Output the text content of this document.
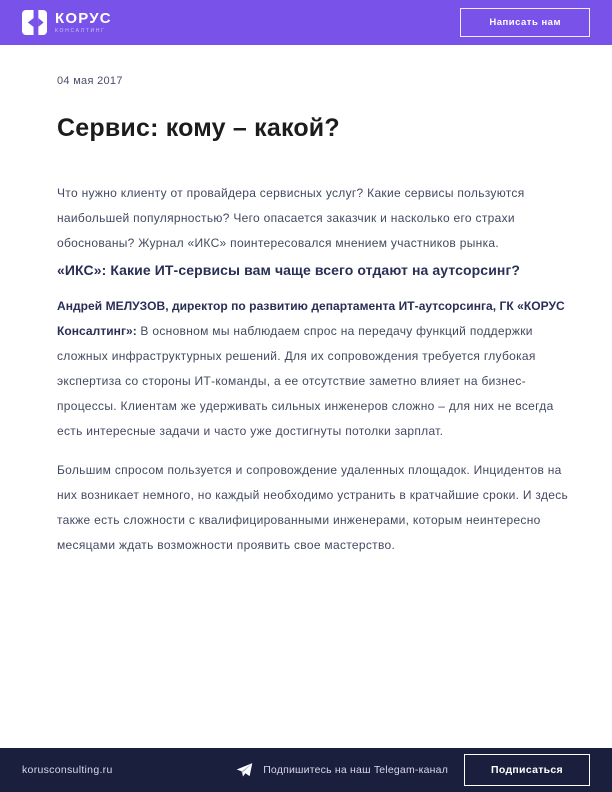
КОРУС
КОНСАЛТИНГ
Написать нам
04 мая 2017
Сервис: кому – какой?

Что нужно клиенту от провайдера сервисных услуг? Какие сервисы пользуются наибольшей популярностью? Чего опасается заказчик и насколько его страхи обоснованы? Журнал «ИКС» поинтересовался мнением участников рынка.

«ИКС»: Какие ИТ-сервисы вам чаще всего отдают на аутсорсинг?

Андрей МЕЛУЗОВ, директор по развитию департамента ИТ-аутсорсинга, ГК «КОРУС Консалтинг»: В основном мы наблюдаем спрос на передачу функций поддержки сложных инфраструктурных решений. Для их сопровождения требуется глубокая экспертиза со стороны ИТ-команды, а ее отсутствие заметно влияет на бизнес-процессы. Клиентам же удерживать сильных инженеров сложно – для них не всегда есть интересные задачи и часто уже достигнуты потолки зарплат.

Большим спросом пользуется и сопровождение удаленных площадок. Инцидентов на них возникает немного, но каждый необходимо устранить в кратчайшие сроки. И здесь также есть сложности с квалифицированными инженерами, которым неинтересно месяцами ждать возможности проявить свое мастерство.

korusconsulting.ru	Подпишитесь на наш Telegam-канал	Подписаться
